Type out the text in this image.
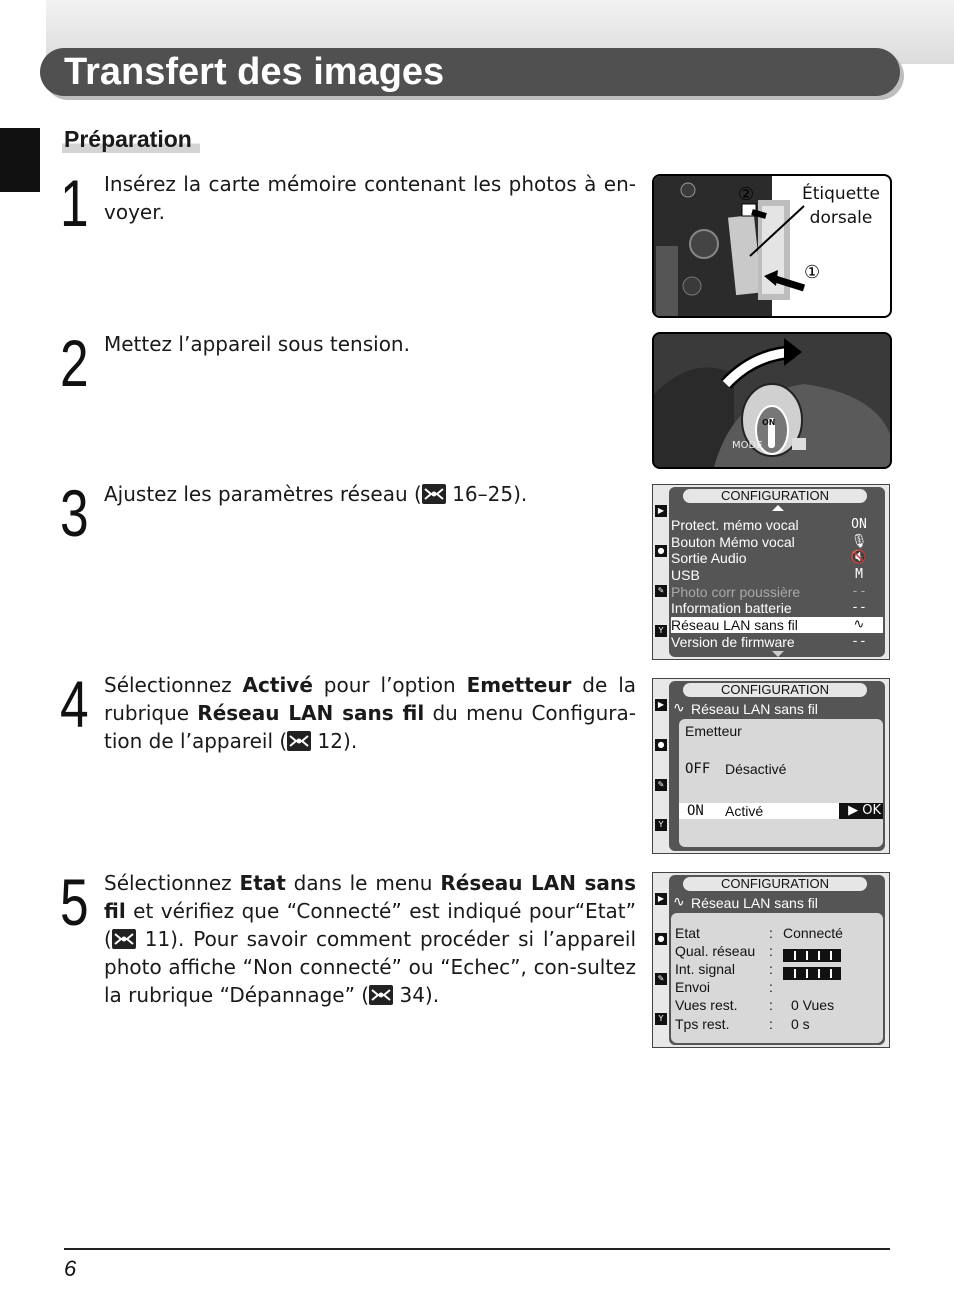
Transfert des images
Préparation
1 Insérez la carte mémoire contenant les photos à en-voyer.
2 Mettez l’appareil sous tension.
3 Ajustez les paramètres réseau (
16–25).
4 Sélectionnez Activé pour l’option Emetteur de la rubrique Réseau LAN sans fil du menu Configura-tion de l’appareil (
12).
5 Sélectionnez Etat dans le menu Réseau LAN sans fil et vérifiez que “Connecté” est indiqué pour“Etat” (
11). Pour savoir comment procéder si l’appareil photo affiche “Non connecté” ou “Echec”, con-sultez la rubrique “Dépannage” (
34).
②
①
Étiquette
dorsale
ON
MODE
▶
●
✎
Y
CONFIGURATION
Protect. mémo vocal	ON
Bouton Mémo vocal	🎙
Sortie Audio	🔇
USB	M
Photo corr poussière	--
Information batterie	--
Réseau LAN sans fil	∿
Version de firmware	--
▶
●
✎
Y
CONFIGURATION
∿ Réseau LAN sans fil
Emetteur
OFF Désactivé
ON Activé	▶ OK
▶
●
✎
Y
CONFIGURATION
∿ Réseau LAN sans fil
Etat	: Connecté
Qual. réseau :
Int. signal :
Envoi	:
Vues rest. : 0 Vues
Tps rest.	: 0 s
6
